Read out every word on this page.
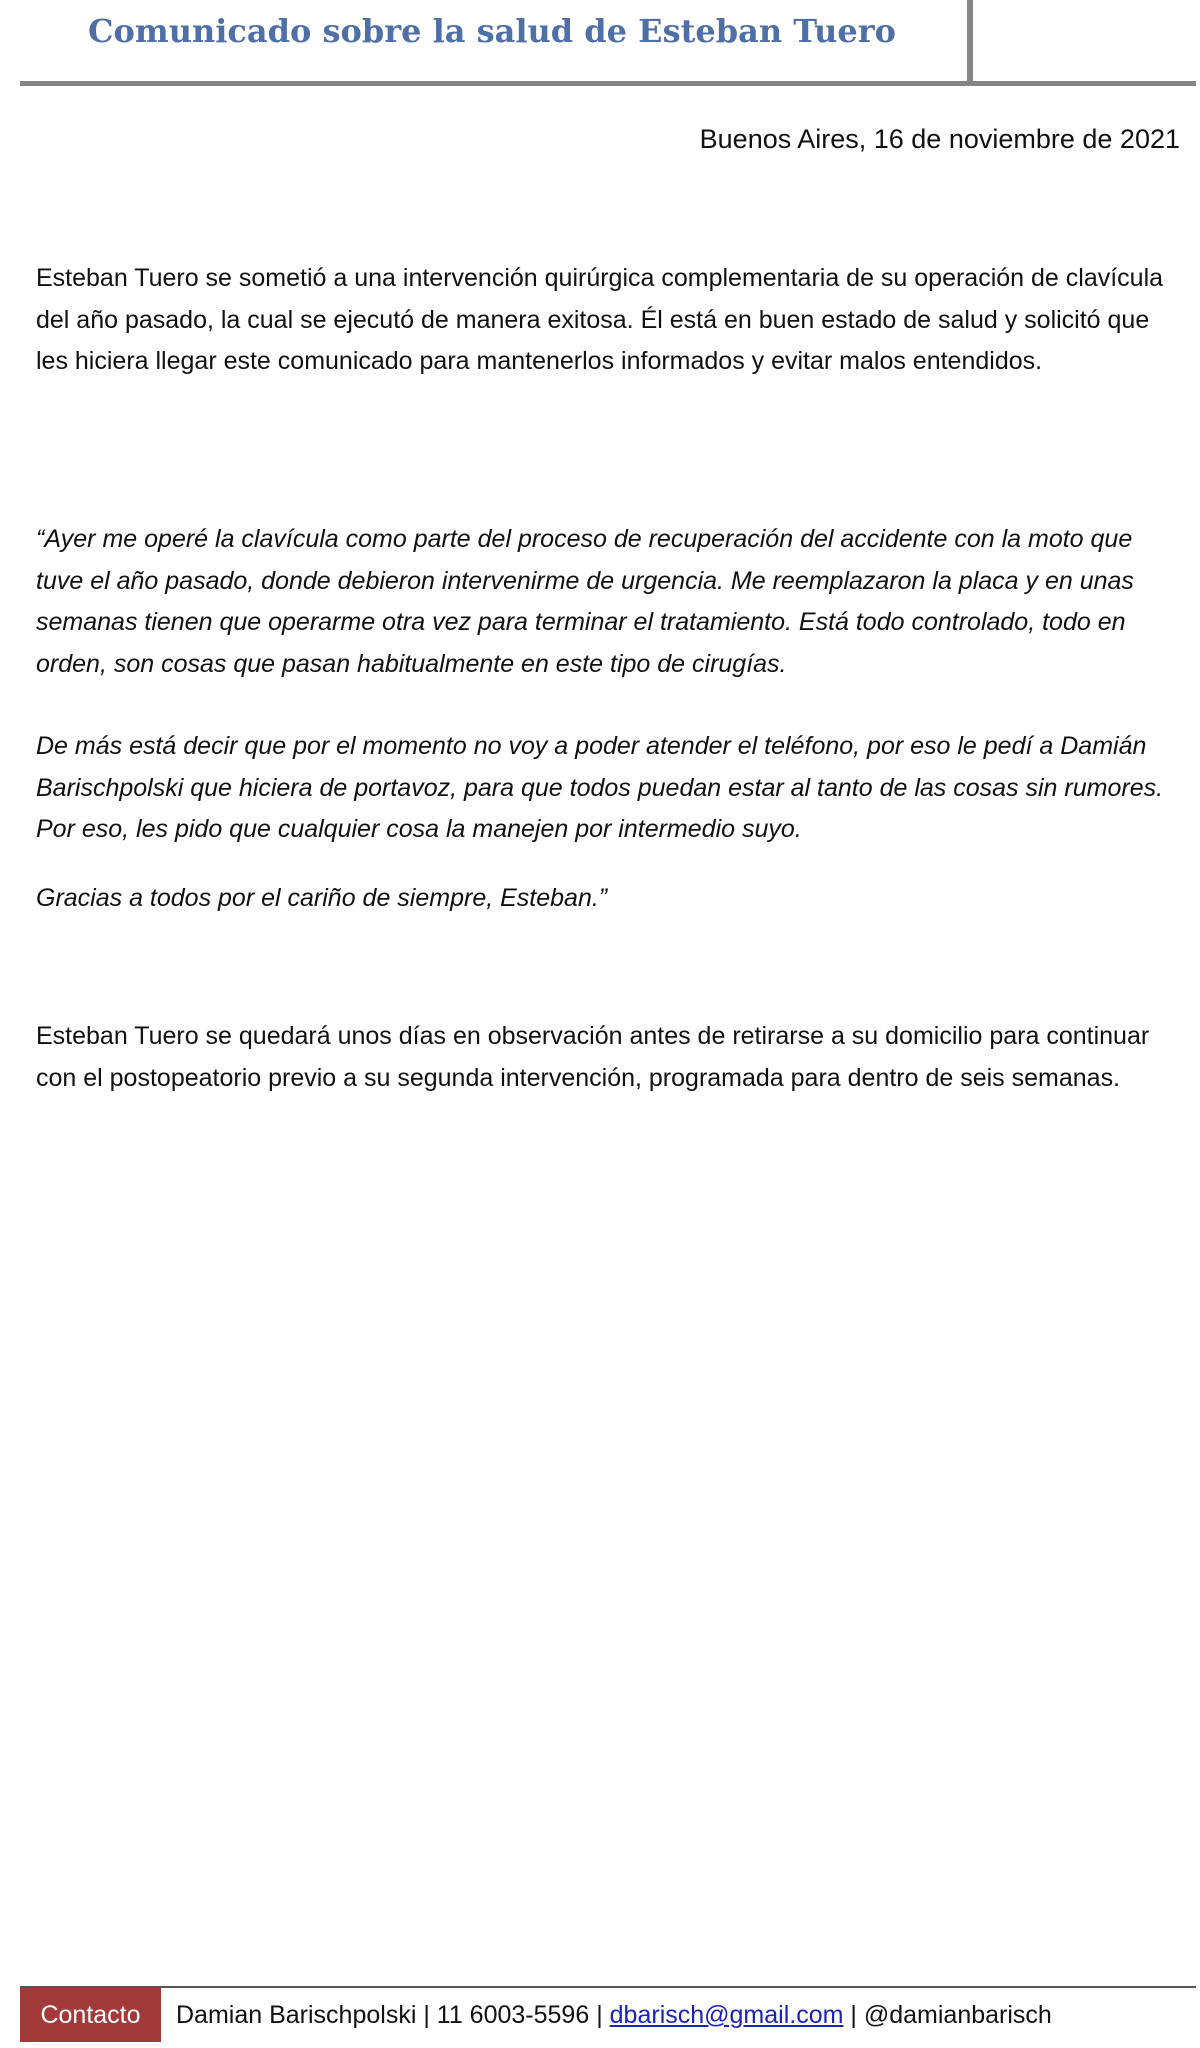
Comunicado sobre la salud de Esteban Tuero
Buenos Aires, 16 de noviembre de 2021

Esteban Tuero se sometió a una intervención quirúrgica complementaria de su operación de clavícula del año pasado, la cual se ejecutó de manera exitosa. Él está en buen estado de salud y solicitó que les hiciera llegar este comunicado para mantenerlos informados y evitar malos entendidos.

“Ayer me operé la clavícula como parte del proceso de recuperación del accidente con la moto que tuve el año pasado, donde debieron intervenirme de urgencia. Me reemplazaron la placa y en unas semanas tienen que operarme otra vez para terminar el tratamiento. Está todo controlado, todo en orden, son cosas que pasan habitualmente en este tipo de cirugías.

De más está decir que por el momento no voy a poder atender el teléfono, por eso le pedí a Damián Barischpolski que hiciera de portavoz, para que todos puedan estar al tanto de las cosas sin rumores. Por eso, les pido que cualquier cosa la manejen por intermedio suyo.

Gracias a todos por el cariño de siempre, Esteban.”

Esteban Tuero se quedará unos días en observación antes de retirarse a su domicilio para continuar con el postopeatorio previo a su segunda intervención, programada para dentro de seis semanas.

Contacto	Damian Barischpolski | 11 6003-5596 | dbarisch@gmail.com | @damianbarisch
